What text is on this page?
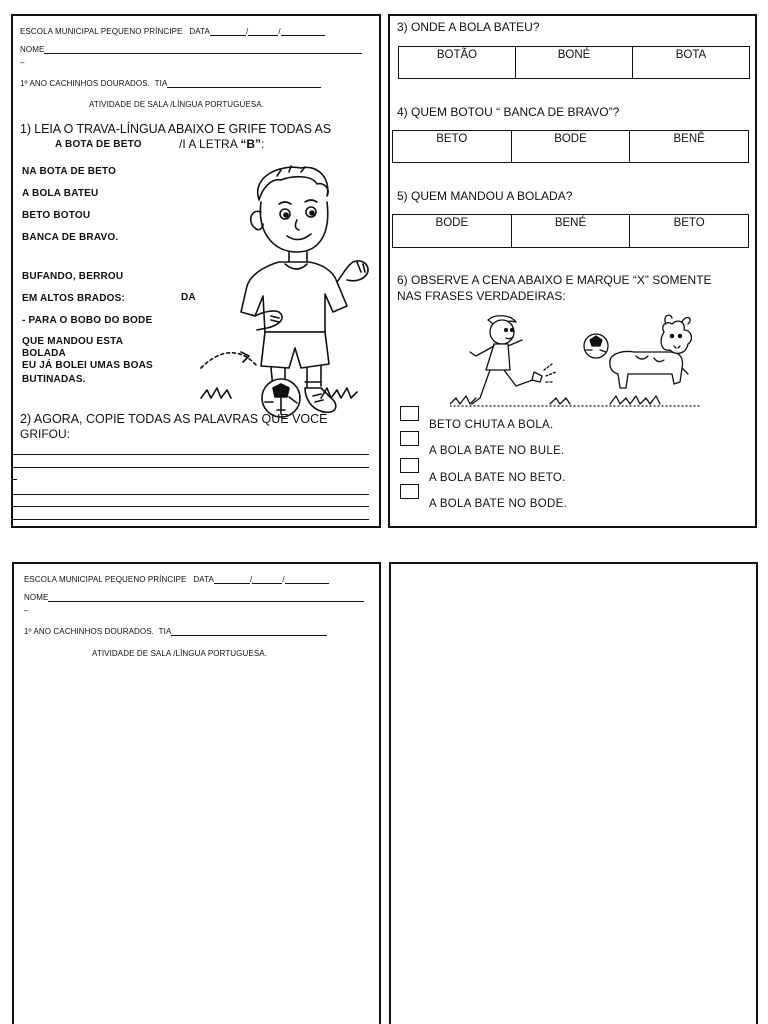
ESCOLA MUNICIPAL PEQUENO PRÍNCIPE DATA	/	/
NOME
–
1º ANO CACHINHOS DOURADOS. TIA
ATIVIDADE DE SALA /LÍNGUA PORTUGUESA.
1) LEIA O TRAVA-LÍNGUA ABAIXO E GRIFE TODAS AS
A BOTA DE BETO	/I A LETRA “B”:
NA BOTA DE BETO
A BOLA BATEU
BETO BOTOU
BANCA DE BRAVO.
BUFANDO, BERROU
EM ALTOS BRADOS:	DA
- PARA O BOBO DO BODE
QUE MANDOU ESTA
BOLADA
EU JÁ BOLEI UMAS BOAS
BUTINADAS.
2) AGORA, COPIE TODAS AS PALAVRAS QUE VOCÊ
GRIFOU:
3) ONDE A BOLA BATEU?
BOTÃO	BONÉ	BOTA
4) QUEM BOTOU “ BANCA DE BRAVO”?
BETO	BODE	BENÊ
5) QUEM MANDOU A BOLADA?
BODE	BENÉ	BETO
6) OBSERVE A CENA ABAIXO E MARQUE “X” SOMENTE
NAS FRASES VERDADEIRAS:
BETO CHUTA A BOLA.
A BOLA BATE NO BULE.
A BOLA BATE NO BETO.
A BOLA BATE NO BODE.
ESCOLA MUNICIPAL PEQUENO PRÍNCIPE DATA	/	/
NOME
–
1º ANO CACHINHOS DOURADOS. TIA
ATIVIDADE DE SALA /LÍNGUA PORTUGUESA.
